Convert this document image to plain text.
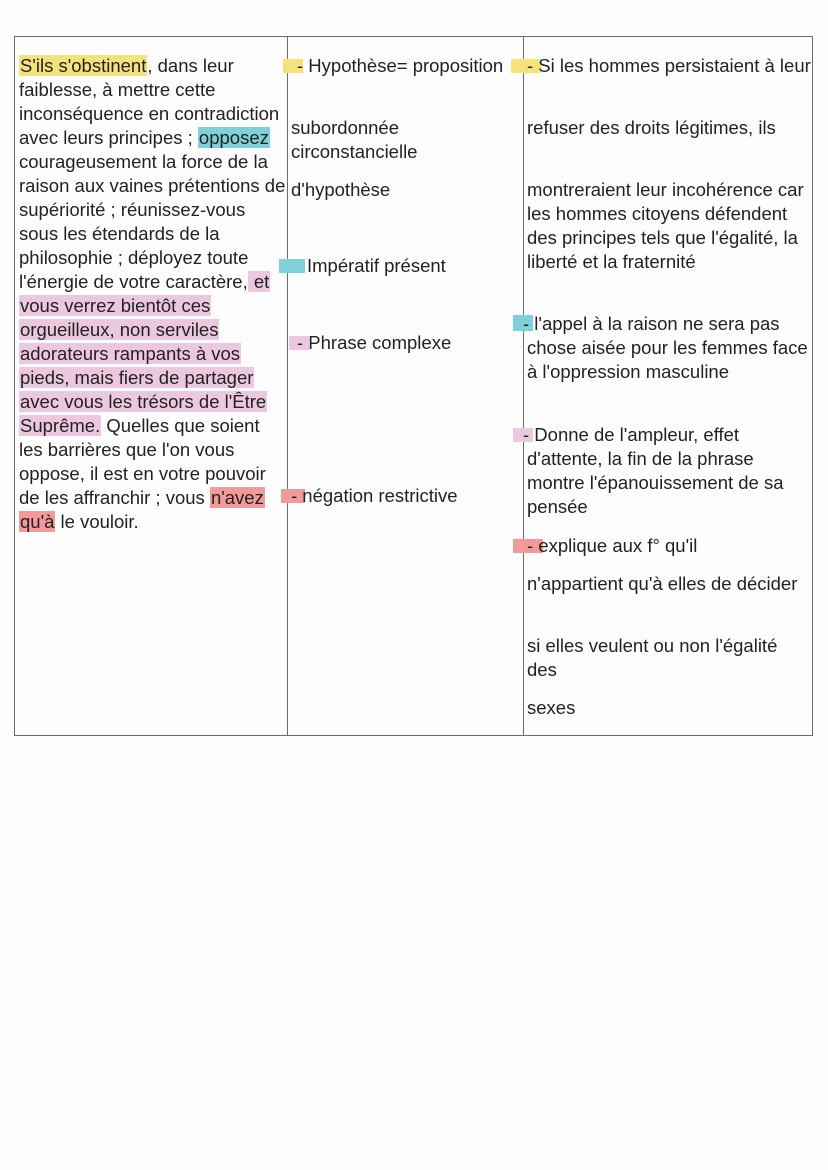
S'ils s'obstinent, dans leur faiblesse, à mettre cette inconséquence en contradiction avec leurs principes ; opposez courageusement la force de la raison aux vaines prétentions de supériorité ; réunissez-vous sous les étendards de la philosophie ; déployez toute l'énergie de votre caractère, et vous verrez bientôt ces orgueilleux, non serviles adorateurs rampants à vos pieds, mais fiers de partager avec vous les trésors de l'Être Suprême. Quelles que soient les barrières que l'on vous oppose, il est en votre pouvoir de les affranchir ; vous n'avez qu'à le vouloir.
- Hypothèse= proposition
subordonnée circonstancielle
d'hypothèse
Impératif présent
- Phrase complexe
- négation restrictive
- Si les hommes persistaient à leur
refuser des droits légitimes, ils
montreraient leur incohérence car les hommes citoyens défendent des principes tels que l'égalité, la liberté et la fraternité
- l'appel à la raison ne sera pas chose aisée pour les femmes face à l'oppression masculine
- Donne de l'ampleur, effet d'attente, la fin de la phrase montre l'épanouissement de sa pensée
- explique aux f° qu'il
n'appartient qu'à elles de décider
si elles veulent ou non l'égalité des
sexes
